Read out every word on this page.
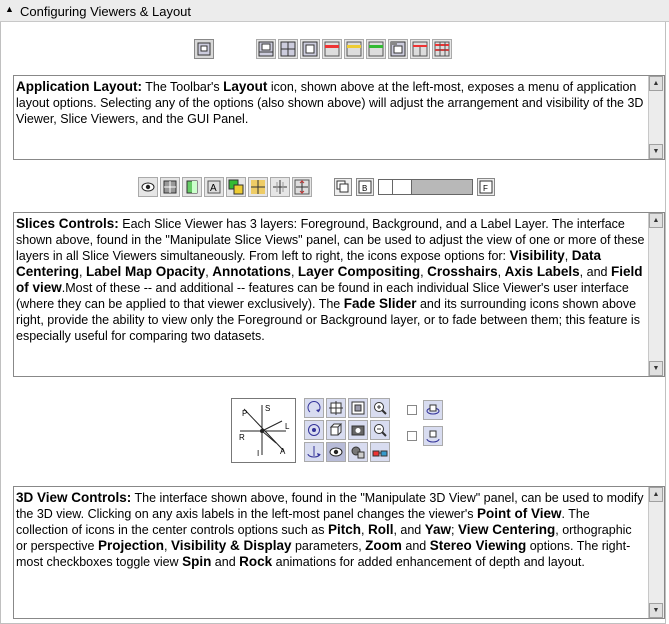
▲ Configuring Viewers & Layout
Application Layout: The Toolbar's Layout icon, shown above at the left-most, exposes a menu of application layout options. Selecting any of the options (also shown above) will adjust the arrangement and visibility of the 3D Viewer, Slice Viewers, and the GUI Panel.
▲
▼
A	B	F
Slices Controls: Each Slice Viewer has 3 layers: Foreground, Background, and a Label Layer. The interface shown above, found in the "Manipulate Slice Views" panel, can be used to adjust the view of one or more of these layers in all Slice Viewers simultaneously. From left to right, the icons expose options for: Visibility, Data Centering, Label Map Opacity, Annotations, Layer Compositing, Crosshairs, Axis Labels, and Field of view.Most of these -- and additional -- features can be found in each individual Slice Viewer's user interface (where they can be applied to that viewer exclusively). The Fade Slider and its surrounding icons shown above right, provide the ability to view only the Foreground or Background layer, or to fade between them; this feature is especially useful for comparing two datasets.
▲
▼
P
S
R
L
I	A
3D View Controls: The interface shown above, found in the "Manipulate 3D View" panel, can be used to modify the 3D view. Clicking on any axis labels in the left-most panel changes the viewer's Point of View. The collection of icons in the center controls options such as Pitch, Roll, and Yaw; View Centering, orthographic or perspective Projection, Visibility & Display parameters, Zoom and Stereo Viewing options. The right-most checkboxes toggle view Spin and Rock animations for added enhancement of depth and layout.
▲
▼
